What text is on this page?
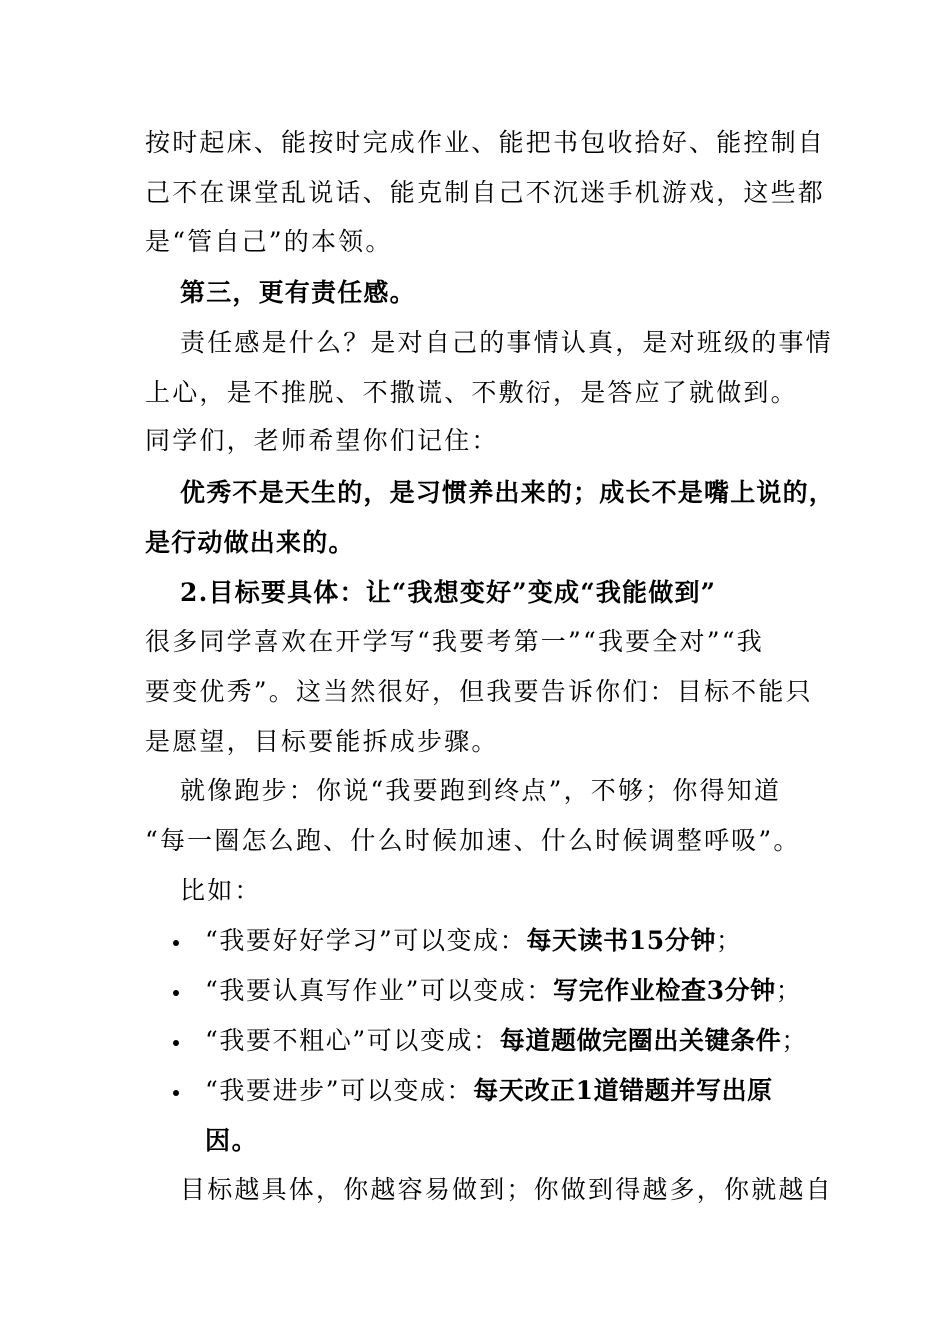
按时起床、能按时完成作业、能把书包收拾好、能控制自
己不在课堂乱说话、能克制自己不沉迷手机游戏，这些都
是“管自己”的本领。
第三，更有责任感。
责任感是什么？是对自己的事情认真，是对班级的事情
上心，是不推脱、不撒谎、不敷衍，是答应了就做到。
同学们，老师希望你们记住：
优秀不是天生的，是习惯养出来的；成长不是嘴上说的，
是行动做出来的。
2.目标要具体：让“我想变好”变成“我能做到”
很多同学喜欢在开学写“我要考第一”“我要全对”“我
要变优秀”。这当然很好，但我要告诉你们：目标不能只
是愿望，目标要能拆成步骤。
就像跑步：你说“我要跑到终点”，不够；你得知道
“每一圈怎么跑、什么时候加速、什么时候调整呼吸”。
比如：
“我要好好学习”可以变成：每天读书15分钟；
“我要认真写作业”可以变成：写完作业检查3分钟；
“我要不粗心”可以变成：每道题做完圈出关键条件；
“我要进步”可以变成：每天改正1道错题并写出原
因。
目标越具体，你越容易做到；你做到得越多，你就越自
